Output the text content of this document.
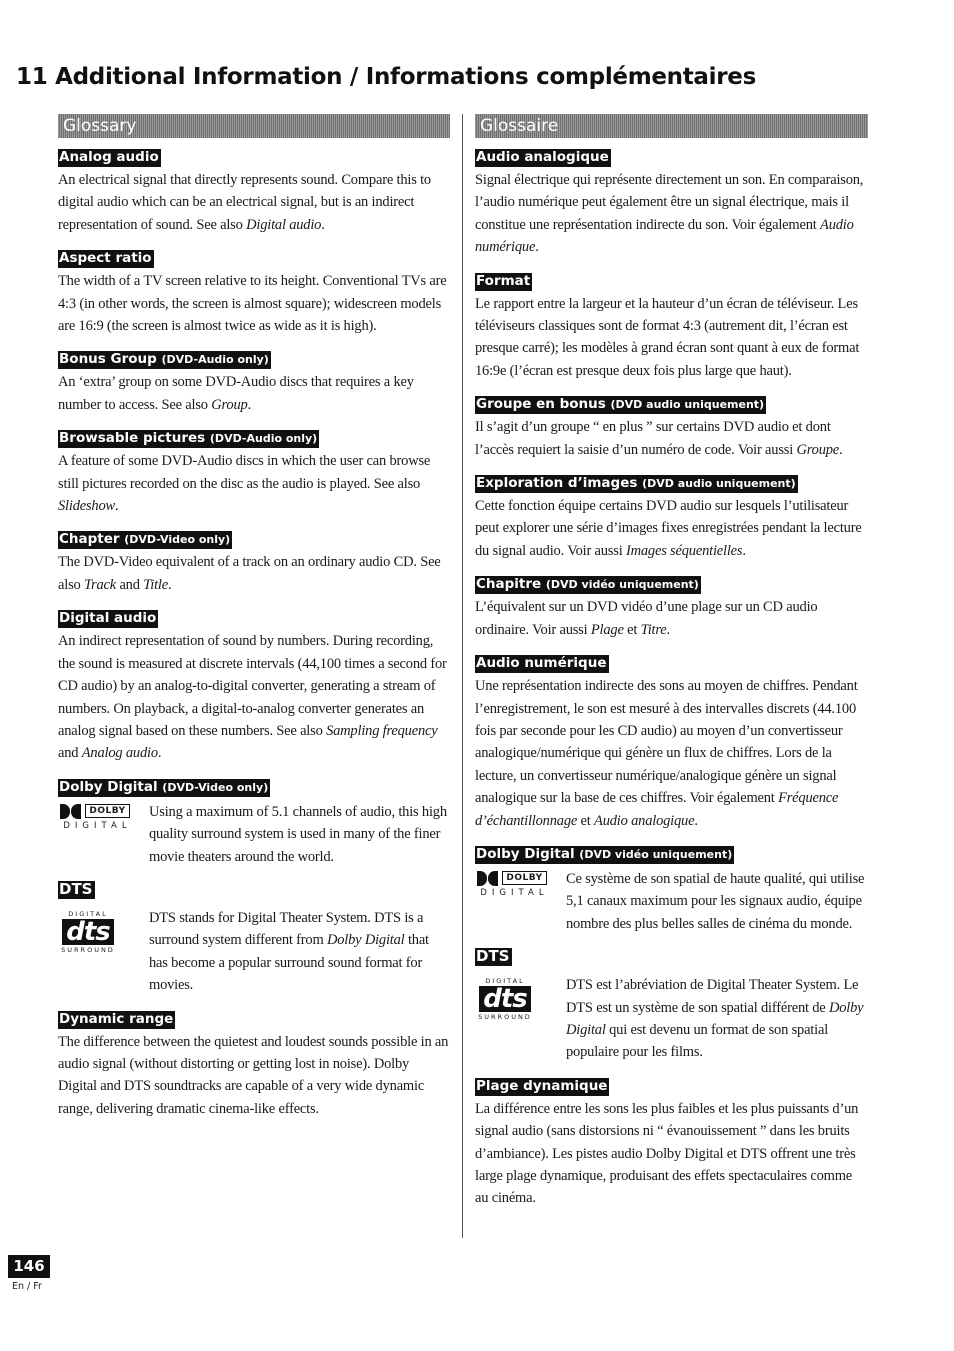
11 Additional Information / Informations complémentaires
Glossary
Analog audio

An electrical signal that directly represents sound. Compare this to digital audio which can be an electrical signal, but is an indirect representation of sound. See also Digital audio.

Aspect ratio

The width of a TV screen relative to its height. Conventional TVs are 4:3 (in other words, the screen is almost square); widescreen models are 16:9 (the screen is almost twice as wide as it is high).

Bonus Group (DVD-Audio only)

An ‘extra’ group on some DVD-Audio discs that requires a key number to access. See also Group.

Browsable pictures (DVD-Audio only)

A feature of some DVD-Audio discs in which the user can browse still pictures recorded on the disc as the audio is played. See also Slideshow.

Chapter (DVD-Video only)

The DVD-Video equivalent of a track on an ordinary audio CD. See also Track and Title.

Digital audio

An indirect representation of sound by numbers. During recording, the sound is measured at discrete intervals (44,100 times a second for CD audio) by an analog-to-digital converter, generating a stream of numbers. On playback, a digital-to-analog converter generates an analog signal based on these numbers. See also Sampling frequency and Analog audio.

Dolby Digital (DVD-Video only)
DOLBY
DIGITAL

Using a maximum of 5.1 channels of audio, this high quality surround system is used in many of the finer movie theaters around the world.

DTS
DIGITAL
dts
SURROUND

DTS stands for Digital Theater System. DTS is a surround system different from Dolby Digital that has become a popular surround sound format for movies.

Dynamic range

The difference between the quietest and loudest sounds possible in an audio signal (without distorting or getting lost in noise). Dolby Digital and DTS soundtracks are capable of a very wide dynamic range, delivering dramatic cinema-like effects.

Glossaire
Audio analogique

Signal électrique qui représente directement un son. En comparaison, l’audio numérique peut également être un signal électrique, mais il constitue une représentation indirecte du son. Voir également Audio numérique.

Format

Le rapport entre la largeur et la hauteur d’un écran de téléviseur. Les téléviseurs classiques sont de format 4:3 (autrement dit, l’écran est presque carré); les modèles à grand écran sont quant à eux de format 16:9e (l’écran est presque deux fois plus large que haut).

Groupe en bonus (DVD audio uniquement)

Il s’agit d’un groupe “ en plus ” sur certains DVD audio et dont l’accès requiert la saisie d’un numéro de code. Voir aussi Groupe.

Exploration d’images (DVD audio uniquement)

Cette fonction équipe certains DVD audio sur lesquels l’utilisateur peut explorer une série d’images fixes enregistrées pendant la lecture du signal audio. Voir aussi Images séquentielles.

Chapitre (DVD vidéo uniquement)

L’équivalent sur un DVD vidéo d’une plage sur un CD audio ordinaire. Voir aussi Plage et Titre.

Audio numérique

Une représentation indirecte des sons au moyen de chiffres. Pendant l’enregistrement, le son est mesuré à des intervalles discrets (44.100 fois par seconde pour les CD audio) au moyen d’un convertisseur analogique/numérique qui génère un flux de chiffres. Lors de la lecture, un convertisseur numérique/analogique génère un signal analogique sur la base de ces chiffres. Voir également Fréquence d’échantillonnage et Audio analogique.

Dolby Digital (DVD vidéo uniquement)
DOLBY
DIGITAL

Ce système de son spatial de haute qualité, qui utilise 5,1 canaux maximum pour les signaux audio, équipe nombre des plus belles salles de cinéma du monde.

DTS
DIGITAL
dts
SURROUND

DTS est l’abréviation de Digital Theater System. Le DTS est un système de son spatial différent de Dolby Digital qui est devenu un format de son spatial populaire pour les films.

Plage dynamique

La différence entre les sons les plus faibles et les plus puissants d’un signal audio (sans distorsions ni “ évanouissement ” dans les bruits d’ambiance). Les pistes audio Dolby Digital et DTS offrent une très large plage dynamique, produisant des effets spectaculaires comme au cinéma.

146
En / Fr
